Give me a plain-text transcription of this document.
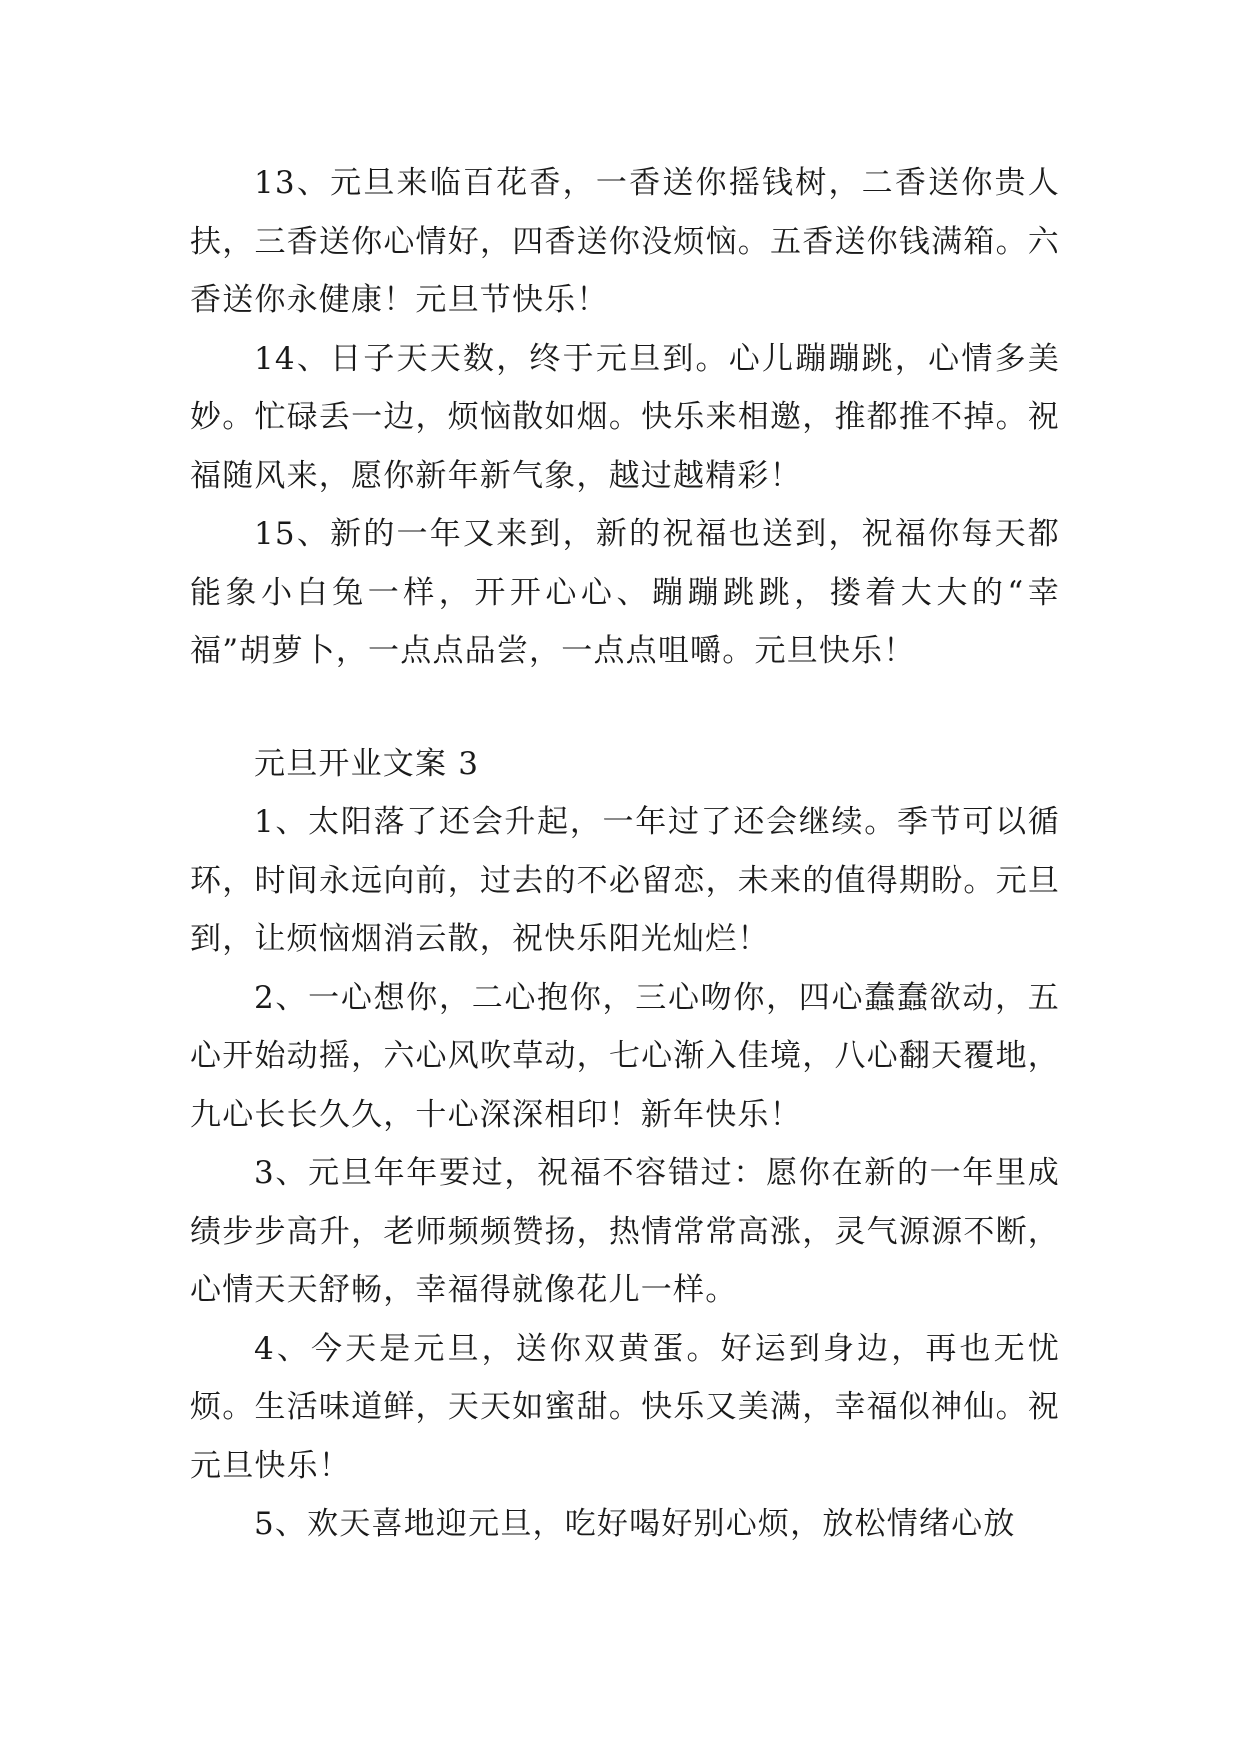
13、元旦来临百花香，一香送你摇钱树，二香送你贵人扶，三香送你心情好，四香送你没烦恼。五香送你钱满箱。六香送你永健康！元旦节快乐！

14、日子天天数，终于元旦到。心儿蹦蹦跳，心情多美妙。忙碌丢一边，烦恼散如烟。快乐来相邀，推都推不掉。祝福随风来，愿你新年新气象，越过越精彩！

15、新的一年又来到，新的祝福也送到，祝福你每天都能象小白兔一样，开开心心、蹦蹦跳跳，搂着大大的“幸福”胡萝卜，一点点品尝，一点点咀嚼。元旦快乐！

元旦开业文案 3

1、太阳落了还会升起，一年过了还会继续。季节可以循环，时间永远向前，过去的不必留恋，未来的值得期盼。元旦到，让烦恼烟消云散，祝快乐阳光灿烂！

2、一心想你，二心抱你，三心吻你，四心蠢蠢欲动，五心开始动摇，六心风吹草动，七心渐入佳境，八心翻天覆地，九心长长久久，十心深深相印！新年快乐！

3、元旦年年要过，祝福不容错过：愿你在新的一年里成绩步步高升，老师频频赞扬，热情常常高涨，灵气源源不断，心情天天舒畅，幸福得就像花儿一样。

4、今天是元旦，送你双黄蛋。好运到身边，再也无忧烦。生活味道鲜，天天如蜜甜。快乐又美满，幸福似神仙。祝元旦快乐！

5、欢天喜地迎元旦，吃好喝好别心烦，放松情绪心放
